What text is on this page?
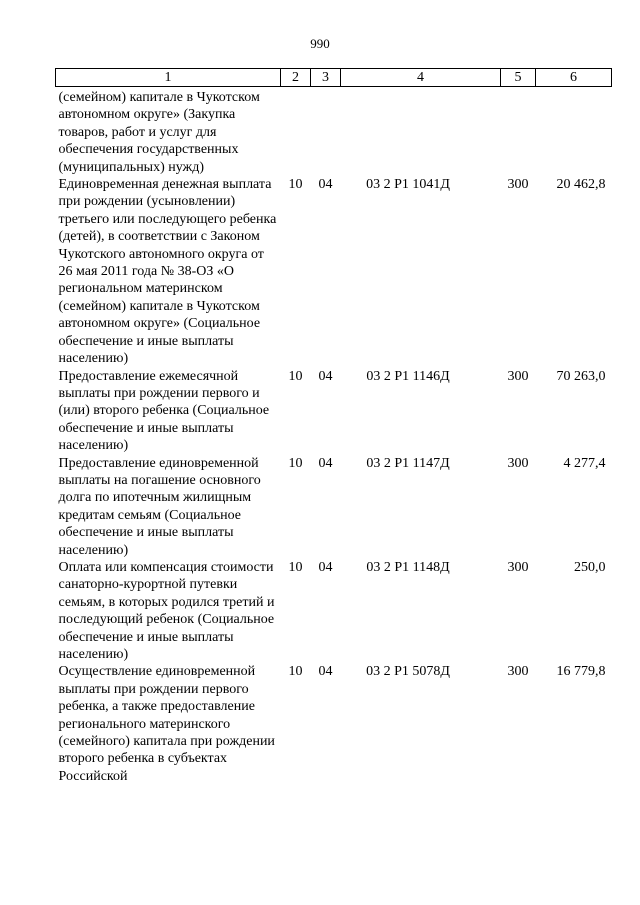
990
1	2	3	4	5	6
(семейном) капитале в Чукотском автономном округе» (Закупка товаров, работ и услуг для обеспечения государственных (муниципальных) нужд)					
Единовременная денежная выплата при рождении (усыновлении) третьего или последующего ребенка (детей), в соответствии с Законом Чукотского автономного округа от 26 мая 2011 года № 38-ОЗ «О региональном материнском (семейном) капитале в Чукотском автономном округе» (Социальное обеспечение и иные выплаты населению)	10	04	03 2 Р1 1041Д	300	20 462,8
Предоставление ежемесячной выплаты при рождении первого и (или) второго ребенка (Социальное обеспечение и иные выплаты населению)	10	04	03 2 Р1 1146Д	300	70 263,0
Предоставление единовременной выплаты на погашение основного долга по ипотечным жилищным кредитам семьям (Социальное обеспечение и иные выплаты населению)	10	04	03 2 Р1 1147Д	300	4 277,4
Оплата или компенсация стоимости санаторно-курортной путевки семьям, в которых родился третий и последующий ребенок (Социальное обеспечение и иные выплаты населению)	10	04	03 2 Р1 1148Д	300	250,0
Осуществление единовременной выплаты при рождении первого ребенка, а также предоставление регионального материнского (семейного) капитала при рождении второго ребенка в субъектах Российской	10	04	03 2 Р1 5078Д	300	16 779,8
